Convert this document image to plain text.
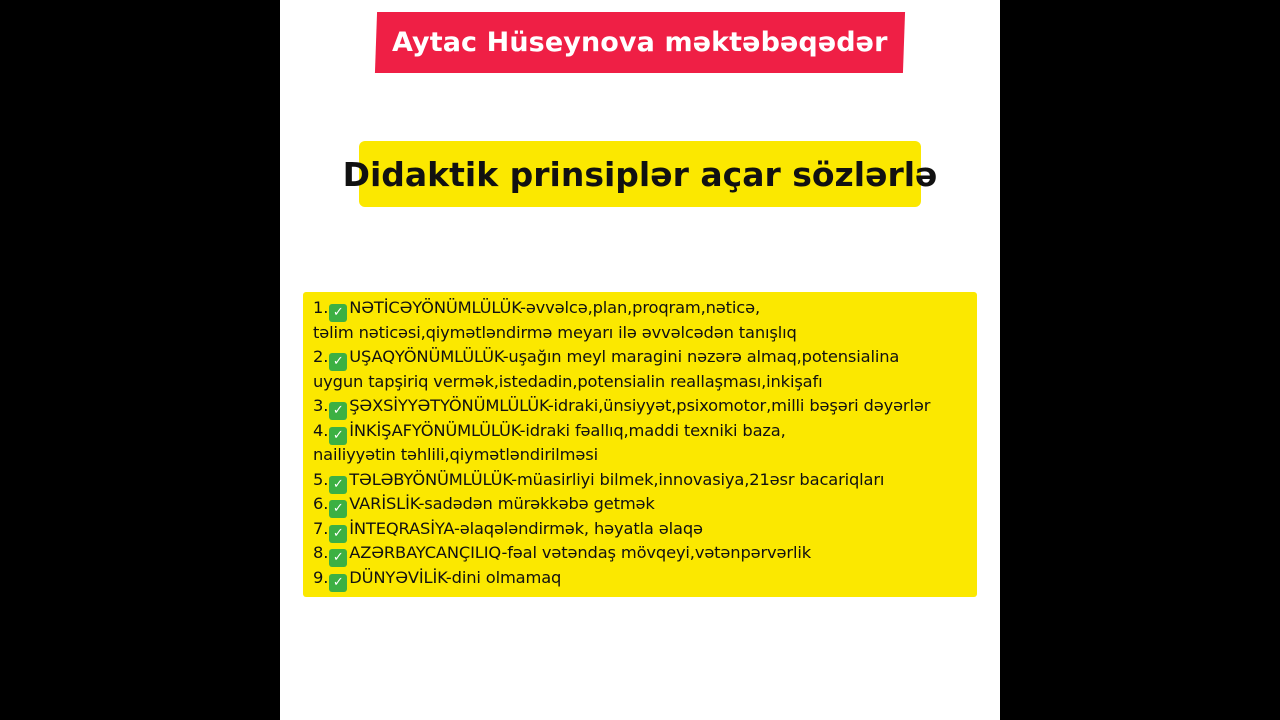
Aytac Hüseynova məktəbəqədər
Didaktik prinsiplər açar sözlərlə
1. ✓ NƏTİCƏYÖNÜMLÜLÜK-əvvəlcə,plan,proqram,nəticə,
təlim nəticəsi,qiymətləndirmə meyarı ilə əvvəlcədən tanışlıq
2. ✓ UŞAQYÖNÜMLÜLÜK-uşağın meyl maragini nəzərə almaq,potensialina
uygun tapşiriq vermək,istedadin,potensialin reallaşması,inkişafı
3. ✓ ŞƏXSİYYƏTYÖNÜMLÜLÜK-idraki,ünsiyyət,psixomotor,milli bəşəri dəyərlər
4. ✓ İNKİŞAFYÖNÜMLÜLÜK-idraki fəallıq,maddi texniki baza,
nailiyyətin təhlili,qiymətləndirilməsi
5. ✓ TƏLƏBYÖNÜMLÜLÜK-müasirliyi bilmek,innovasiya,21əsr bacariqları
6. ✓ VARİSLİK-sadədən mürəkkəbə getmək
7. ✓ İNTEQRASİYA-əlaqələndirmək, həyatla əlaqə
8. ✓ AZƏRBAYCANÇILIQ-fəal vətəndaş mövqeyi,vətənpərvərlik
9. ✓ DÜNYƏVİLİK-dini olmamaq
